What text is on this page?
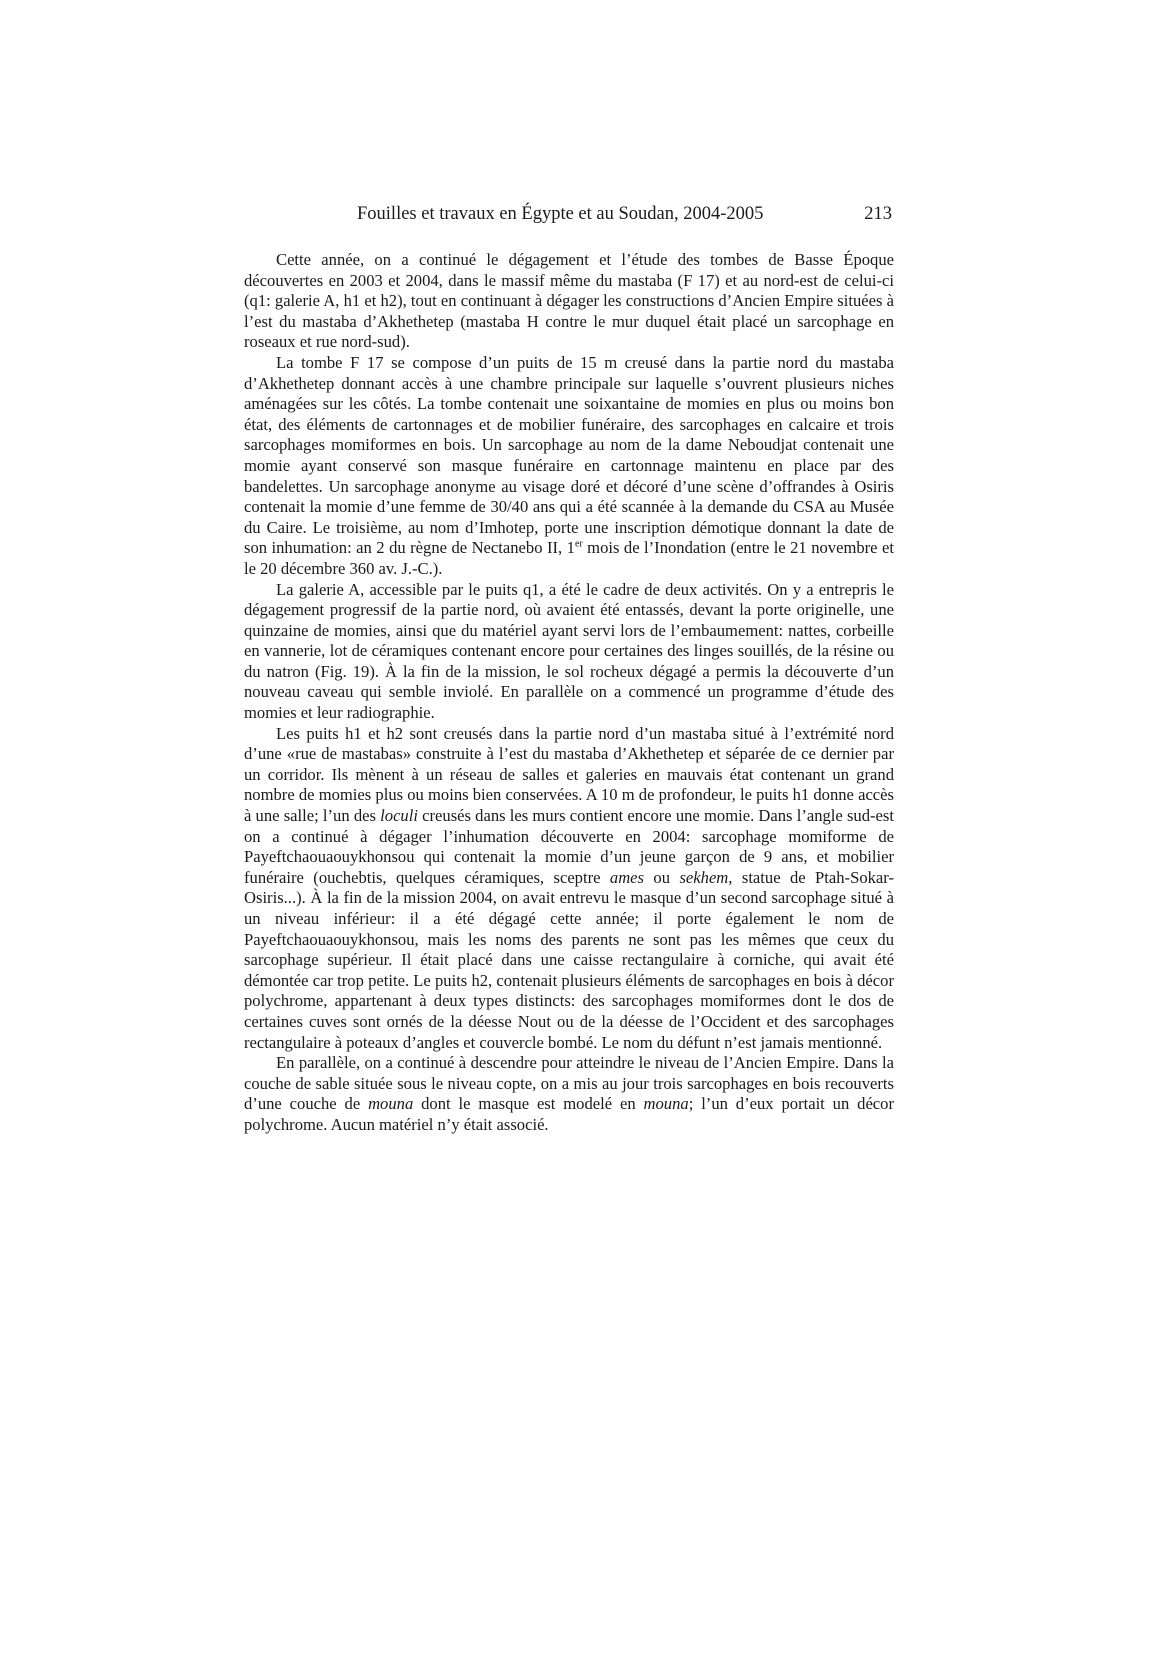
Fouilles et travaux en Égypte et au Soudan, 2004-2005	213

Cette année, on a continué le dégagement et l’étude des tombes de Basse Époque découvertes en 2003 et 2004, dans le massif même du mastaba (F 17) et au nord-est de celui-ci (q1: galerie A, h1 et h2), tout en continuant à dégager les constructions d’Ancien Empire situées à l’est du mastaba d’Akhethetep (mastaba H contre le mur duquel était placé un sarcophage en roseaux et rue nord-sud).

La tombe F 17 se compose d’un puits de 15 m creusé dans la partie nord du mastaba d’Akhethetep donnant accès à une chambre principale sur laquelle s’ouvrent plusieurs niches aménagées sur les côtés. La tombe contenait une soixantaine de momies en plus ou moins bon état, des éléments de cartonnages et de mobilier funéraire, des sarcophages en calcaire et trois sarcophages momiformes en bois. Un sarcophage au nom de la dame Neboudjat contenait une momie ayant conservé son masque funéraire en cartonnage maintenu en place par des bandelettes. Un sarcophage anonyme au visage doré et décoré d’une scène d’offrandes à Osiris contenait la momie d’une femme de 30/40 ans qui a été scannée à la demande du CSA au Musée du Caire. Le troisième, au nom d’Imhotep, porte une inscription démotique donnant la date de son inhumation: an 2 du règne de Nectanebo II, 1er mois de l’Inondation (entre le 21 novembre et le 20 décembre 360 av. J.-C.).

La galerie A, accessible par le puits q1, a été le cadre de deux activités. On y a entrepris le dégagement progressif de la partie nord, où avaient été entassés, devant la porte originelle, une quinzaine de momies, ainsi que du matériel ayant servi lors de l’embaumement: nattes, corbeille en vannerie, lot de céramiques contenant encore pour certaines des linges souillés, de la résine ou du natron (Fig. 19). À la fin de la mission, le sol rocheux dégagé a permis la découverte d’un nouveau caveau qui semble inviolé. En parallèle on a commencé un programme d’étude des momies et leur radiographie.

Les puits h1 et h2 sont creusés dans la partie nord d’un mastaba situé à l’extrémité nord d’une «rue de mastabas» construite à l’est du mastaba d’Akhethetep et séparée de ce dernier par un corridor. Ils mènent à un réseau de salles et galeries en mauvais état contenant un grand nombre de momies plus ou moins bien conservées. A 10 m de profondeur, le puits h1 donne accès à une salle; l’un des loculi creusés dans les murs contient encore une momie. Dans l’angle sud-est on a continué à dégager l’inhumation découverte en 2004: sarcophage momiforme de Payeftchaouaouykhonsou qui contenait la momie d’un jeune garçon de 9 ans, et mobilier funéraire (ouchebtis, quelques céramiques, sceptre ames ou sekhem, statue de Ptah-Sokar-Osiris...). À la fin de la mission 2004, on avait entrevu le masque d’un second sarcophage situé à un niveau inférieur: il a été dégagé cette année; il porte également le nom de Payeftchaouaouykhonsou, mais les noms des parents ne sont pas les mêmes que ceux du sarcophage supérieur. Il était placé dans une caisse rectangulaire à corniche, qui avait été démontée car trop petite. Le puits h2, contenait plusieurs éléments de sarcophages en bois à décor polychrome, appartenant à deux types distincts: des sarcophages momiformes dont le dos de certaines cuves sont ornés de la déesse Nout ou de la déesse de l’Occident et des sarcophages rectangulaire à poteaux d’angles et couvercle bombé. Le nom du défunt n’est jamais mentionné.

En parallèle, on a continué à descendre pour atteindre le niveau de l’Ancien Empire. Dans la couche de sable située sous le niveau copte, on a mis au jour trois sarcophages en bois recouverts d’une couche de mouna dont le masque est modelé en mouna; l’un d’eux portait un décor polychrome. Aucun matériel n’y était associé.
